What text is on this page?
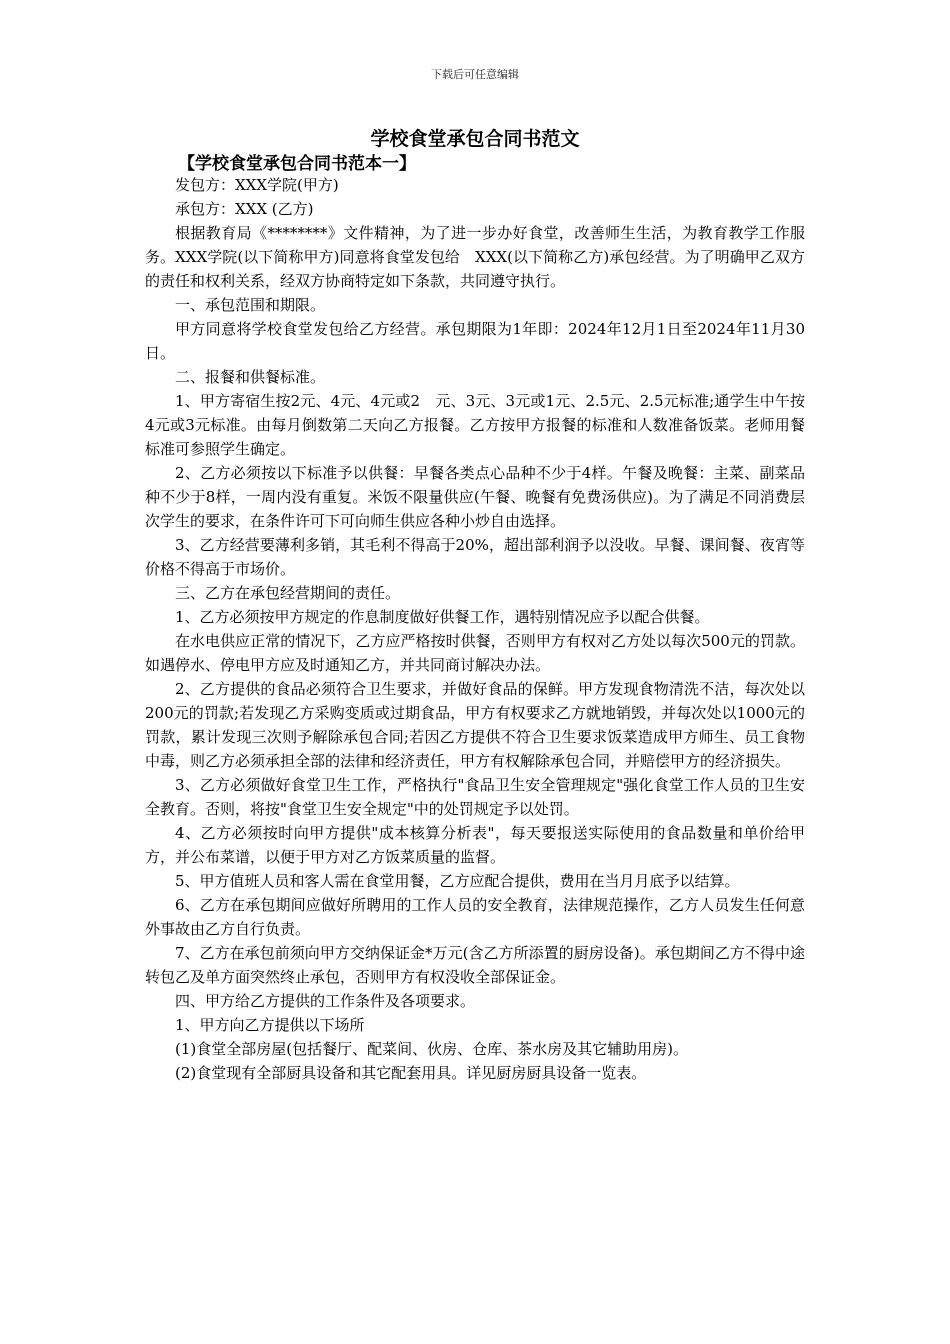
下载后可任意编辑
学校食堂承包合同书范文
【学校食堂承包合同书范本一】

发包方：XXX学院(甲方)

承包方：XXX (乙方)

根据教育局《********》文件精神，为了进一步办好食堂，改善师生生活，为教育教学工作服务。XXX学院(以下简称甲方)同意将食堂发包给　XXX(以下简称乙方)承包经营。为了明确甲乙双方的责任和权利关系，经双方协商特定如下条款，共同遵守执行。

一、承包范围和期限。

甲方同意将学校食堂发包给乙方经营。承包期限为1年即：2024年12月1日至2024年11月30日。

二、报餐和供餐标准。

1、甲方寄宿生按2元、4元、4元或2　元、3元、3元或1元、2.5元、2.5元标准;通学生中午按4元或3元标准。由每月倒数第二天向乙方报餐。乙方按甲方报餐的标准和人数准备饭菜。老师用餐标准可参照学生确定。

2、乙方必须按以下标准予以供餐：早餐各类点心品种不少于4样。午餐及晚餐：主菜、副菜品种不少于8样，一周内没有重复。米饭不限量供应(午餐、晚餐有免费汤供应)。为了满足不同消费层次学生的要求，在条件许可下可向师生供应各种小炒自由选择。

3、乙方经营要薄利多销，其毛利不得高于20%，超出部利润予以没收。早餐、课间餐、夜宵等价格不得高于市场价。

三、乙方在承包经营期间的责任。

1、乙方必须按甲方规定的作息制度做好供餐工作，遇特别情况应予以配合供餐。

在水电供应正常的情况下，乙方应严格按时供餐，否则甲方有权对乙方处以每次500元的罚款。如遇停水、停电甲方应及时通知乙方，并共同商讨解决办法。

2、乙方提供的食品必须符合卫生要求，并做好食品的保鲜。甲方发现食物清洗不洁，每次处以200元的罚款;若发现乙方采购变质或过期食品，甲方有权要求乙方就地销毁，并每次处以1000元的罚款，累计发现三次则予解除承包合同;若因乙方提供不符合卫生要求饭菜造成甲方师生、员工食物中毒，则乙方必须承担全部的法律和经济责任，甲方有权解除承包合同，并赔偿甲方的经济损失。

3、乙方必须做好食堂卫生工作，严格执行"食品卫生安全管理规定"强化食堂工作人员的卫生安全教育。否则，将按"食堂卫生安全规定"中的处罚规定予以处罚。

4、乙方必须按时向甲方提供"成本核算分析表"，每天要报送实际使用的食品数量和单价给甲方，并公布菜谱，以便于甲方对乙方饭菜质量的监督。

5、甲方值班人员和客人需在食堂用餐，乙方应配合提供，费用在当月月底予以结算。

6、乙方在承包期间应做好所聘用的工作人员的安全教育，法律规范操作，乙方人员发生任何意外事故由乙方自行负责。

7、乙方在承包前须向甲方交纳保证金*万元(含乙方所添置的厨房设备)。承包期间乙方不得中途转包乙及单方面突然终止承包，否则甲方有权没收全部保证金。

四、甲方给乙方提供的工作条件及各项要求。

1、甲方向乙方提供以下场所

(1)食堂全部房屋(包括餐厅、配菜间、伙房、仓库、茶水房及其它辅助用房)。

(2)食堂现有全部厨具设备和其它配套用具。详见厨房厨具设备一览表。
